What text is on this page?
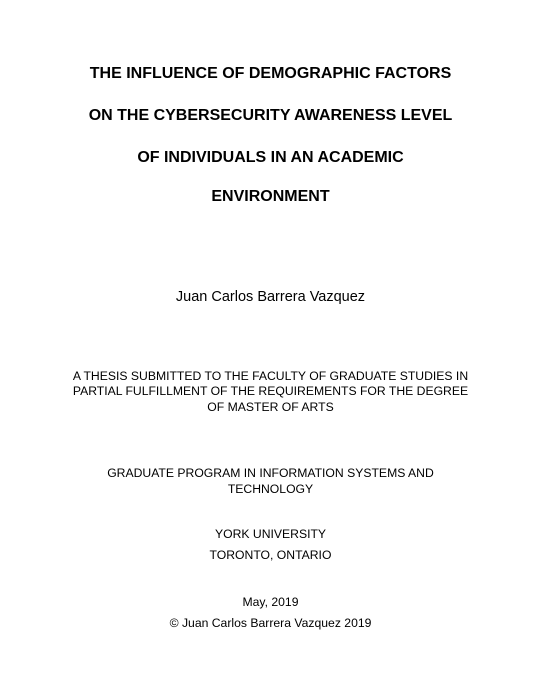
THE INFLUENCE OF DEMOGRAPHIC FACTORS
ON THE CYBERSECURITY AWARENESS LEVEL
OF INDIVIDUALS IN AN ACADEMIC
ENVIRONMENT
Juan Carlos Barrera Vazquez
A THESIS SUBMITTED TO THE FACULTY OF GRADUATE STUDIES IN
PARTIAL FULFILLMENT OF THE REQUIREMENTS FOR THE DEGREE
OF MASTER OF ARTS
GRADUATE PROGRAM IN INFORMATION SYSTEMS AND
TECHNOLOGY
YORK UNIVERSITY
TORONTO, ONTARIO
May, 2019
© Juan Carlos Barrera Vazquez 2019
